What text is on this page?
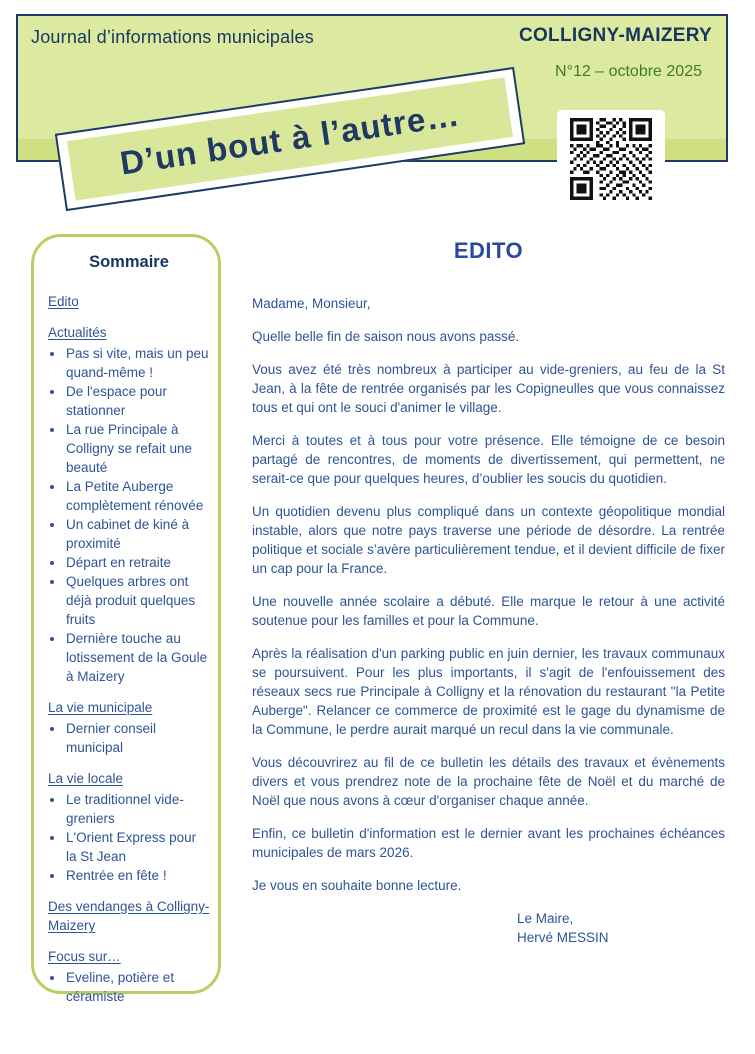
Journal d’informations municipales	COLLIGNY-MAIZERY
N°12 – octobre 2025
D’un bout à l’autre…
Sommaire
Edito
Actualités
• Pas si vite, mais un peu quand-même !
• De l'espace pour stationner
• La rue Principale à Colligny se refait une beauté
• La Petite Auberge complètement rénovée
• Un cabinet de kiné à proximité
• Départ en retraite
• Quelques arbres ont déjà produit quelques fruits
• Dernière touche au lotissement de la Goule à Maizery
La vie municipale
• Dernier conseil municipal
La vie locale
• Le traditionnel vide-greniers
• L'Orient Express pour la St Jean
• Rentrée en fête !
Des vendanges à Colligny-Maizery
Focus sur…
• Eveline, potière et céramiste
EDITO

Madame, Monsieur,

Quelle belle fin de saison nous avons passé.

Vous avez été très nombreux à participer au vide-greniers, au feu de la St Jean, à la fête de rentrée organisés par les Copigneulles que vous connaissez tous et qui ont le souci d'animer le village.

Merci à toutes et à tous pour votre présence. Elle témoigne de ce besoin partagé de rencontres, de moments de divertissement, qui permettent, ne serait-ce que pour quelques heures, d’oublier les soucis du quotidien.

Un quotidien devenu plus compliqué dans un contexte géopolitique mondial instable, alors que notre pays traverse une période de désordre. La rentrée politique et sociale s’avère particulièrement tendue, et il devient difficile de fixer un cap pour la France.

Une nouvelle année scolaire a débuté. Elle marque le retour à une activité soutenue pour les familles et pour la Commune.

Après la réalisation d'un parking public en juin dernier, les travaux communaux se poursuivent. Pour les plus importants, il s'agit de l'enfouissement des réseaux secs rue Principale à Colligny et la rénovation du restaurant "la Petite Auberge". Relancer ce commerce de proximité est le gage du dynamisme de la Commune, le perdre aurait marqué un recul dans la vie communale.

Vous découvrirez au fil de ce bulletin les détails des travaux et évènements divers et vous prendrez note de la prochaine fête de Noël et du marché de Noël que nous avons à cœur d'organiser chaque année.

Enfin, ce bulletin d'information est le dernier avant les prochaines échéances municipales de mars 2026.

Je vous en souhaite bonne lecture.

Le Maire,
Hervé MESSIN
